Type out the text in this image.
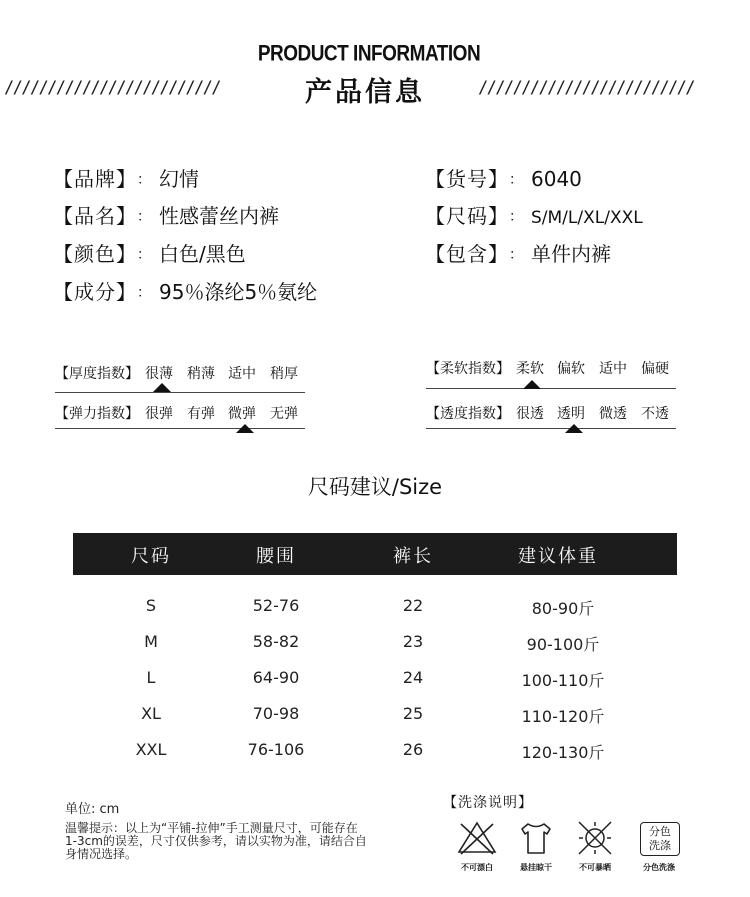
PRODUCT INFORMATION
产品信息
/////////////////////////	/////////////////////////
【品牌】 ： 幻情
【品名】 ： 性感蕾丝内裤
【颜色】 ： 白色/黑色
【成分】 ： 95％涤纶5％氨纶
【货号】 ： 6040
【尺码】 ： S/M/L/XL/XXL
【包含】 ： 单件内裤
【厚度指数】 很薄 稍薄 适中 稍厚
【弹力指数】 很弹 有弹 微弹 无弹
【柔软指数】 柔软 偏软 适中 偏硬
【透度指数】 很透 透明 微透 不透
尺码建议/Size
尺码	腰围	裤长	建议体重
S	52-76	22	80-90斤
M	58-82	23	90-100斤
L	64-90	24	100-110斤
XL	70-98	25	110-120斤
XXL	76-106	26	120-130斤
单位: cm
温馨提示：以上为“平铺-拉伸”手工测量尺寸，可能存在
1-3cm的误差，尺寸仅供参考，请以实物为准，请结合自
身情况选择。
【洗涤说明】
不可漂白	悬挂晾干	不可暴晒
分色
洗涤
分色洗涤
